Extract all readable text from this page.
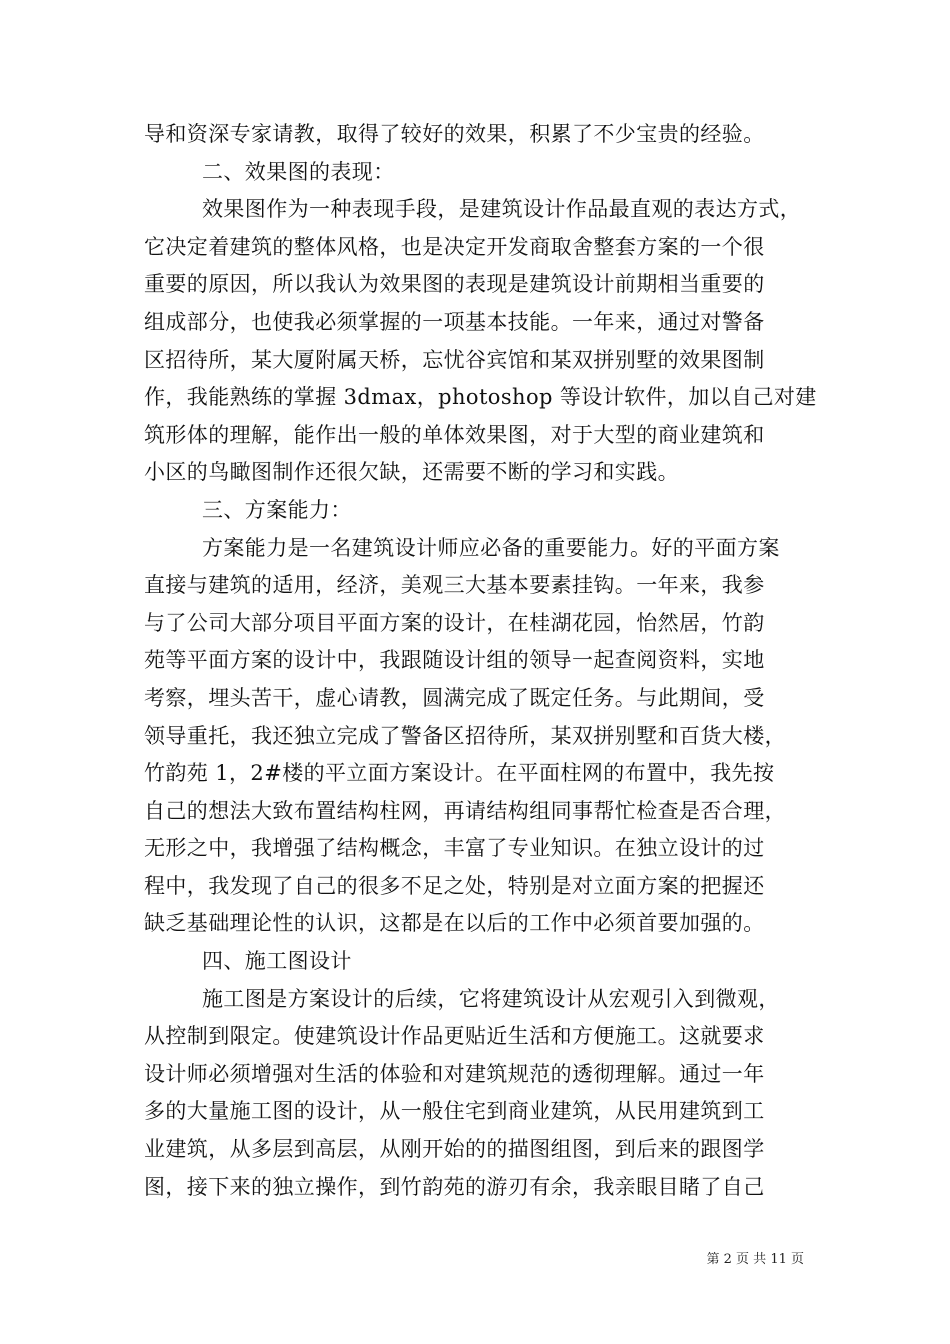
导和资深专家请教，取得了较好的效果，积累了不少宝贵的经验。
二、效果图的表现：
效果图作为一种表现手段，是建筑设计作品最直观的表达方式，
它决定着建筑的整体风格，也是决定开发商取舍整套方案的一个很
重要的原因，所以我认为效果图的表现是建筑设计前期相当重要的
组成部分，也使我必须掌握的一项基本技能。一年来，通过对警备
区招待所，某大厦附属天桥，忘忧谷宾馆和某双拼别墅的效果图制
作，我能熟练的掌握 3dmax，photoshop 等设计软件，加以自己对建
筑形体的理解，能作出一般的单体效果图，对于大型的商业建筑和
小区的鸟瞰图制作还很欠缺，还需要不断的学习和实践。
三、方案能力：
方案能力是一名建筑设计师应必备的重要能力。好的平面方案
直接与建筑的适用，经济，美观三大基本要素挂钩。一年来，我参
与了公司大部分项目平面方案的设计，在桂湖花园，怡然居，竹韵
苑等平面方案的设计中，我跟随设计组的领导一起查阅资料，实地
考察，埋头苦干，虚心请教，圆满完成了既定任务。与此期间，受
领导重托，我还独立完成了警备区招待所，某双拼别墅和百货大楼，
竹韵苑 1，2#楼的平立面方案设计。在平面柱网的布置中，我先按
自己的想法大致布置结构柱网，再请结构组同事帮忙检查是否合理，
无形之中，我增强了结构概念，丰富了专业知识。在独立设计的过
程中，我发现了自己的很多不足之处，特别是对立面方案的把握还
缺乏基础理论性的认识，这都是在以后的工作中必须首要加强的。
四、施工图设计
施工图是方案设计的后续，它将建筑设计从宏观引入到微观，
从控制到限定。使建筑设计作品更贴近生活和方便施工。这就要求
设计师必须增强对生活的体验和对建筑规范的透彻理解。通过一年
多的大量施工图的设计，从一般住宅到商业建筑，从民用建筑到工
业建筑，从多层到高层，从刚开始的的描图组图，到后来的跟图学
图，接下来的独立操作，到竹韵苑的游刃有余，我亲眼目睹了自己
第 2 页 共 11 页
